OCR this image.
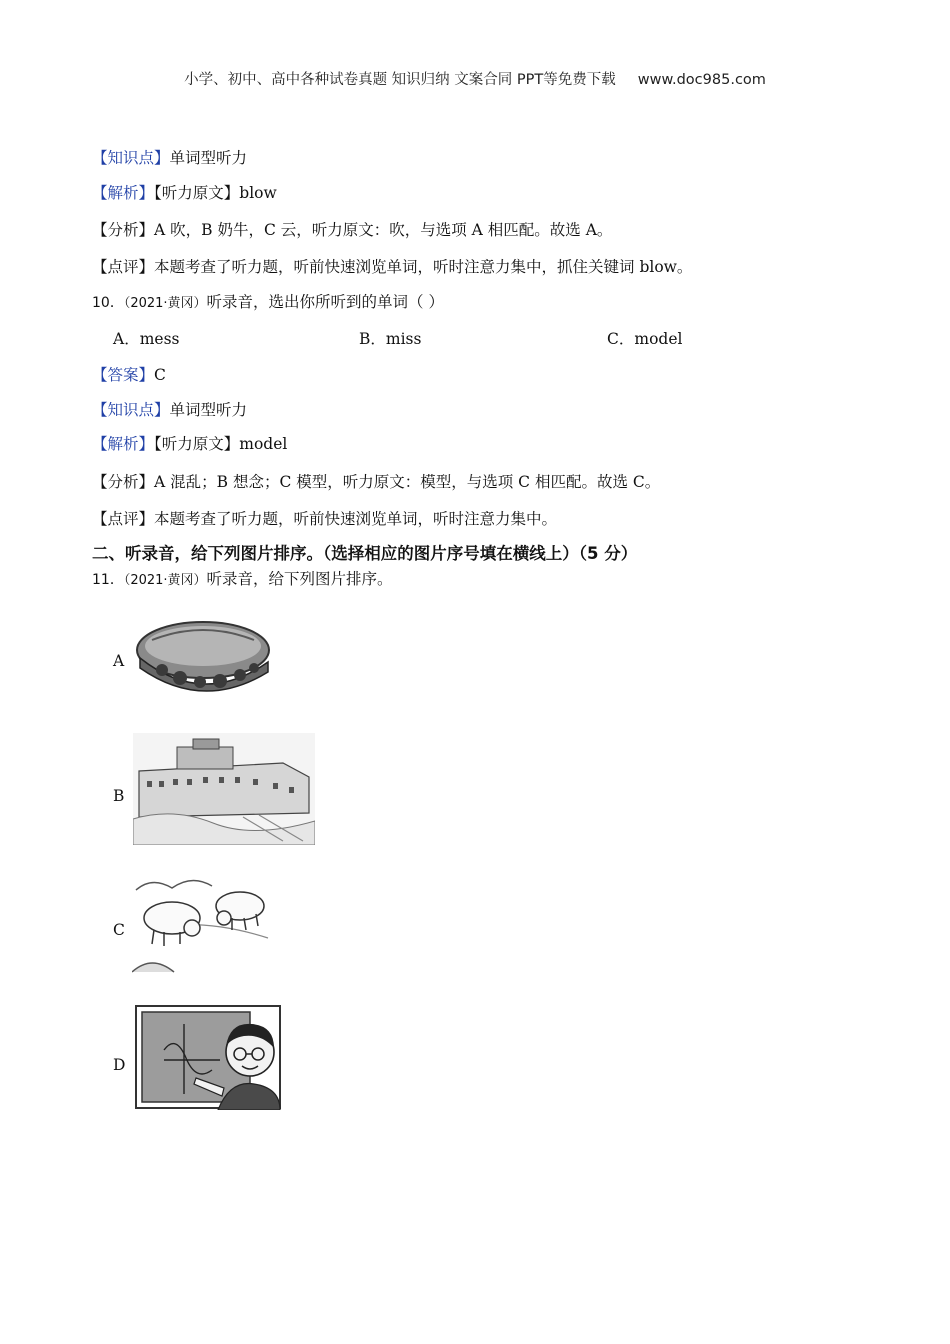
小学、初中、高中各种试卷真题 知识归纳 文案合同 PPT等免费下载 www.doc985.com
【知识点】单词型听力
【解析】【听力原文】blow
【分析】A 吹，B 奶牛，C 云，听力原文：吹，与选项 A 相匹配。故选 A。
【点评】本题考查了听力题，听前快速浏览单词，听时注意力集中，抓住关键词 blow。
10．（2021·黄冈）听录音，选出你所听到的单词（ ）
A．mess	B．miss	C．model
【答案】C
【知识点】单词型听力
【解析】【听力原文】model
【分析】A 混乱；B 想念；C 模型，听力原文：模型，与选项 C 相匹配。故选 C。
【点评】本题考查了听力题，听前快速浏览单词，听时注意力集中。
二、听录音，给下列图片排序。（选择相应的图片序号填在横线上）（5 分）
11．（2021·黄冈）听录音，给下列图片排序。
A
B
C
D
